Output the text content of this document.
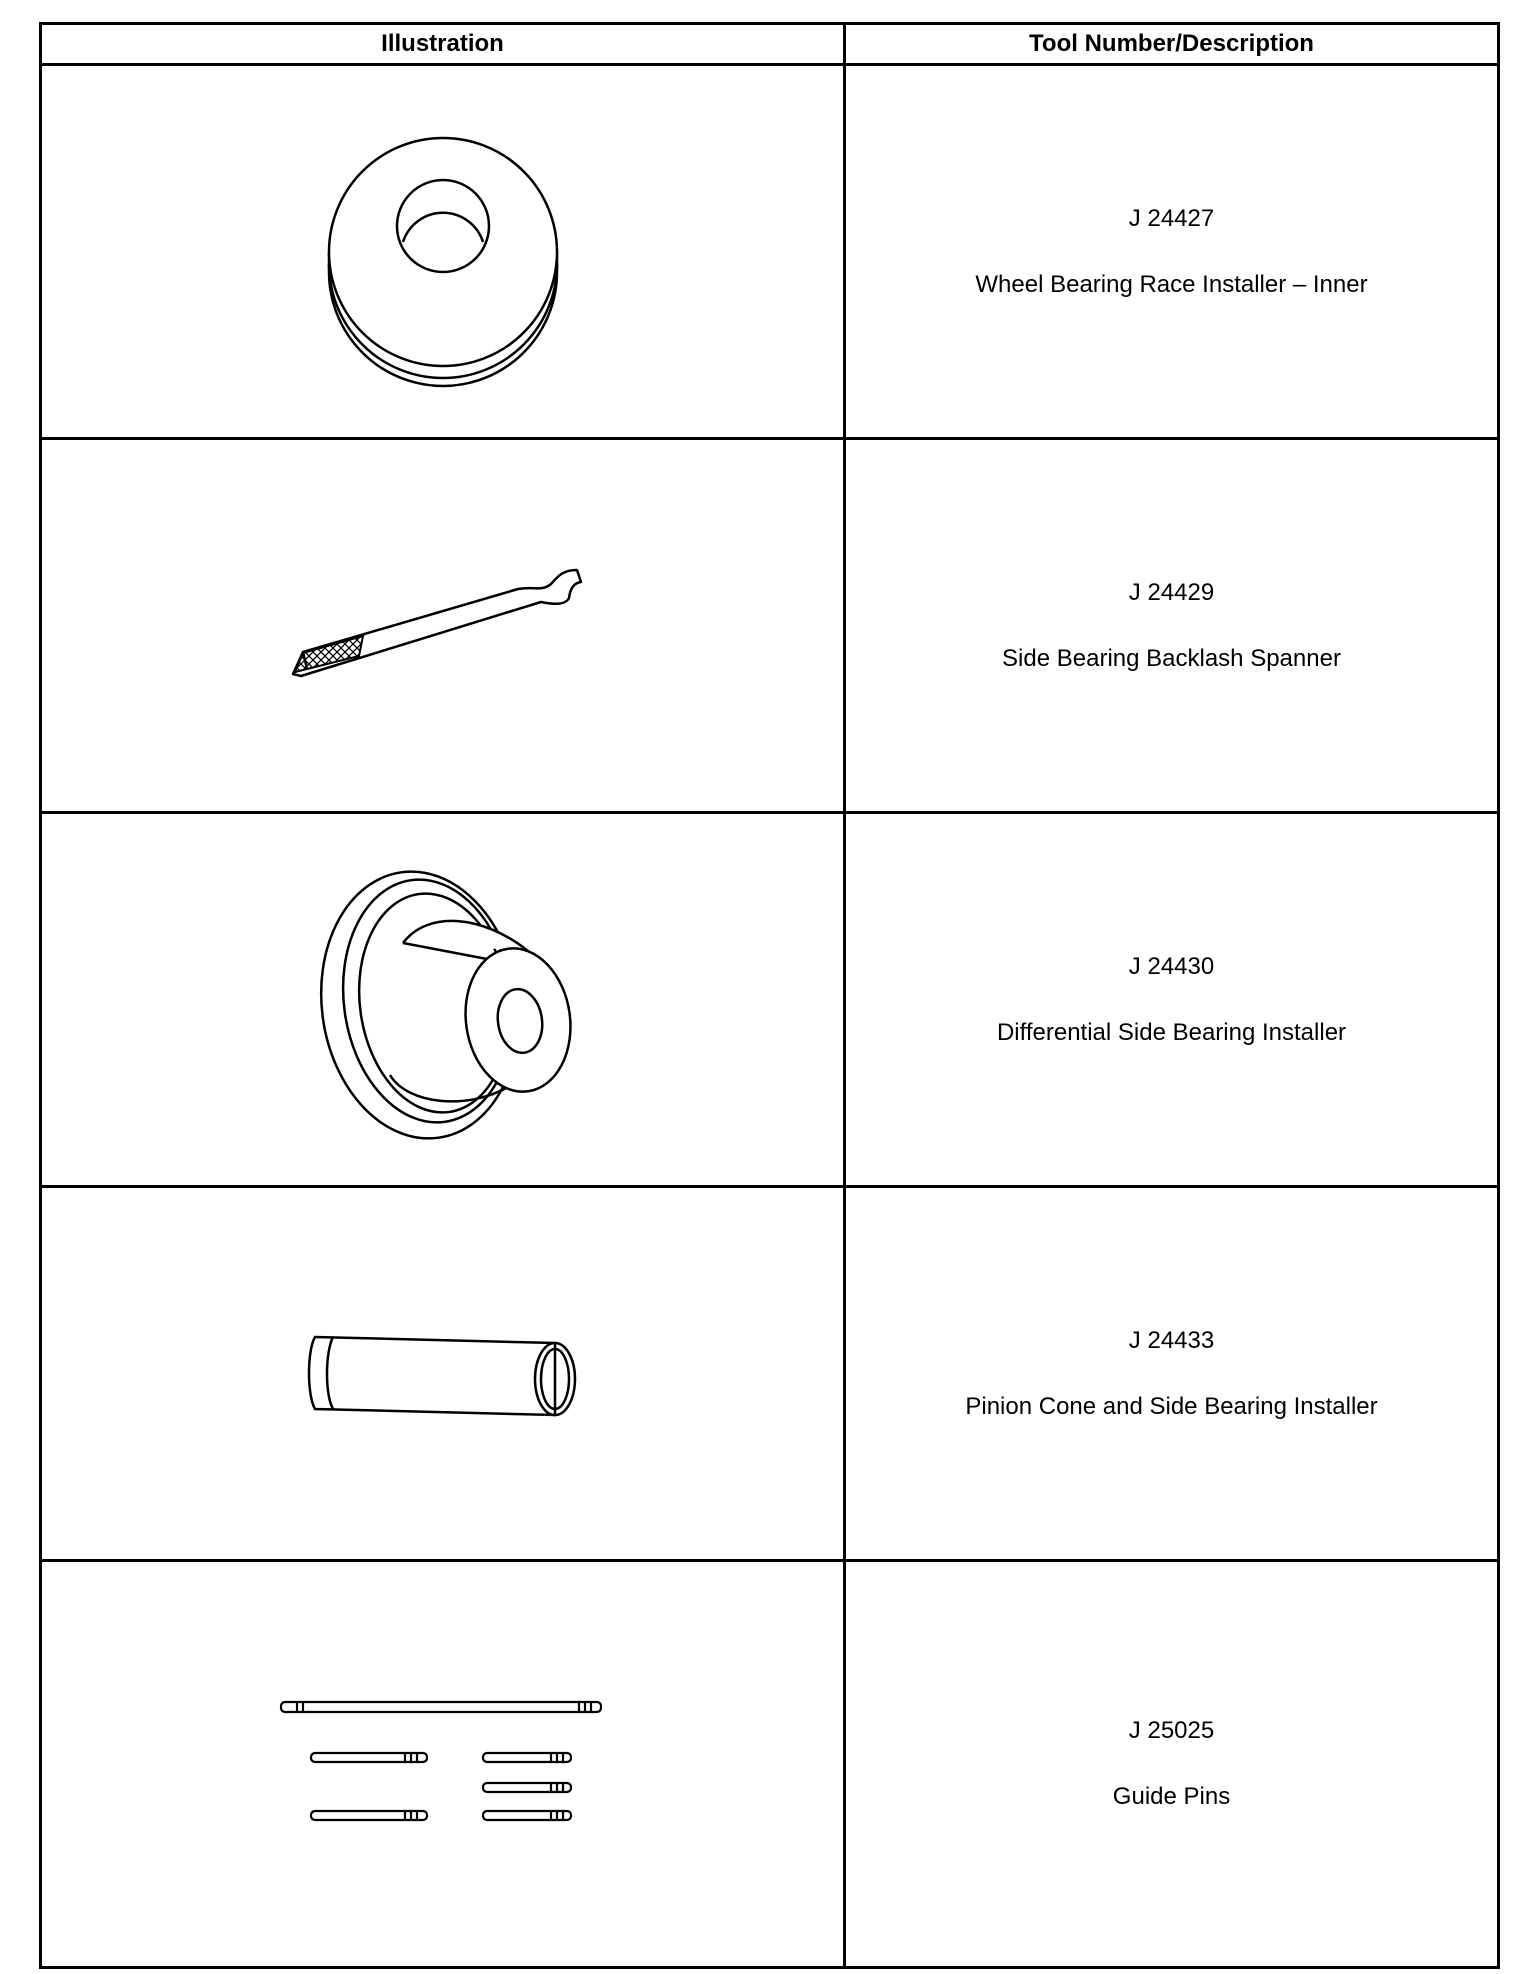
Illustration	Tool Number/Description

J 24427
Wheel Bearing Race Installer – Inner

J 24429
Side Bearing Backlash Spanner

J 24430
Differential Side Bearing Installer

J 24433
Pinion Cone and Side Bearing Installer

J 25025
Guide Pins
